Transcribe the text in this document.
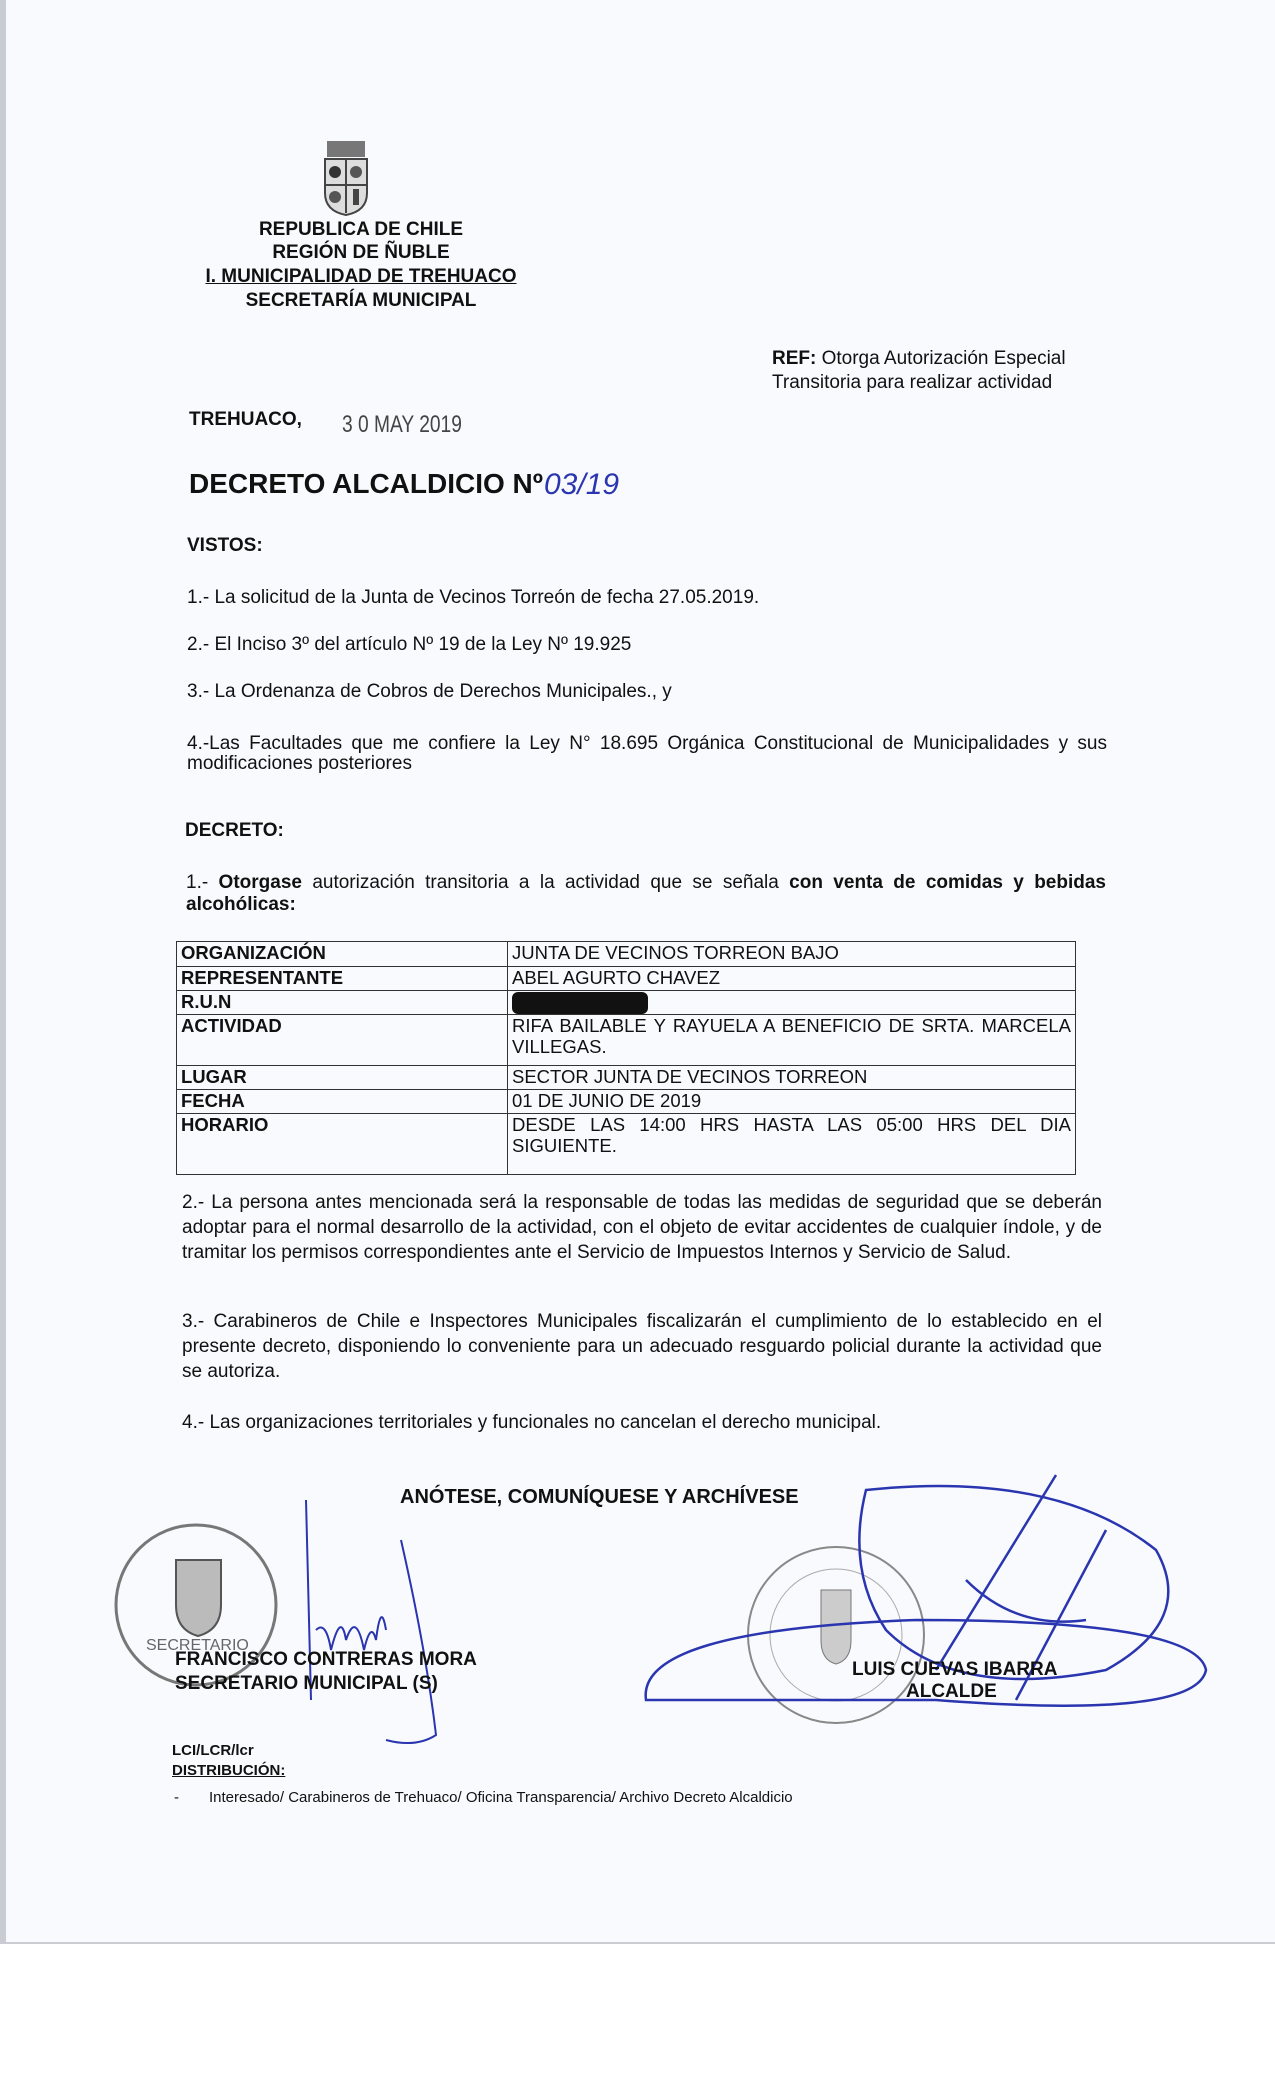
REPUBLICA DE CHILE
REGIÓN DE ÑUBLE
I. MUNICIPALIDAD DE TREHUACO
SECRETARÍA MUNICIPAL
REF: Otorga Autorización Especial
Transitoria para realizar actividad
TREHUACO, 3 0 MAY 2019
DECRETO ALCALDICIO Nº 03/19
VISTOS:
1.- La solicitud de la Junta de Vecinos Torreón de fecha 27.05.2019.
2.- El Inciso 3º del artículo Nº 19 de la Ley Nº 19.925
3.- La Ordenanza de Cobros de Derechos Municipales., y
4.-Las Facultades que me confiere la Ley N° 18.695 Orgánica Constitucional de Municipalidades y sus modificaciones posteriores
DECRETO:
1.- Otorgase autorización transitoria a la actividad que se señala con venta de comidas y bebidas alcohólicas:
ORGANIZACIÓN	JUNTA DE VECINOS TORREON BAJO
REPRESENTANTE	ABEL AGURTO CHAVEZ
R.U.N	
ACTIVIDAD	RIFA BAILABLE Y RAYUELA A BENEFICIO DE SRTA. MARCELA VILLEGAS.
LUGAR	SECTOR JUNTA DE VECINOS TORREON
FECHA	01 DE JUNIO DE 2019
HORARIO	DESDE LAS 14:00 HRS HASTA LAS 05:00 HRS DEL DIA SIGUIENTE.
2.- La persona antes mencionada será la responsable de todas las medidas de seguridad que se deberán adoptar para el normal desarrollo de la actividad, con el objeto de evitar accidentes de cualquier índole, y de tramitar los permisos correspondientes ante el Servicio de Impuestos Internos y Servicio de Salud.
3.- Carabineros de Chile e Inspectores Municipales fiscalizarán el cumplimiento de lo establecido en el presente decreto, disponiendo lo conveniente para un adecuado resguardo policial durante la actividad que se autoriza.
4.- Las organizaciones territoriales y funcionales no cancelan el derecho municipal.
ANÓTESE, COMUNÍQUESE Y ARCHÍVESE
SECRETARIO
FRANCISCO CONTRERAS MORA
SECRETARIO MUNICIPAL (S)
LUIS CUEVAS IBARRA
ALCALDE
LCI/LCR/lcr
DISTRIBUCIÓN:
- Interesado/ Carabineros de Trehuaco/ Oficina Transparencia/ Archivo Decreto Alcaldicio
